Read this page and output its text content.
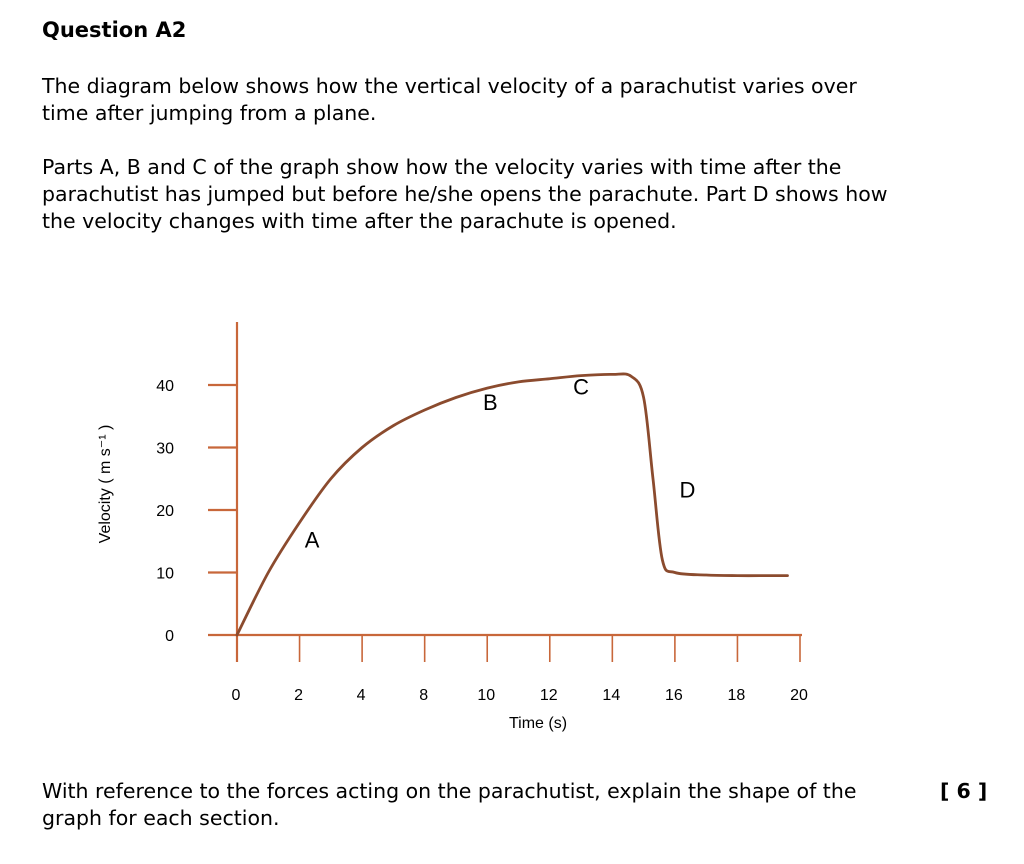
Question A2

The diagram below shows how the vertical velocity of a parachutist varies over time after jumping from a plane.

Parts A, B and C of the graph show how the velocity varies with time after the parachutist has jumped but before he/she opens the parachute. Part D shows how the velocity changes with time after the parachute is opened.

0
10
20
30
40
0	2	4	8	10	12	14	16	18	20
A
B
C
D
Time (s)
Velocity ( m s⁻¹ )

With reference to the forces acting on the parachutist, explain the shape of the graph for each section.

[ 6 ]
